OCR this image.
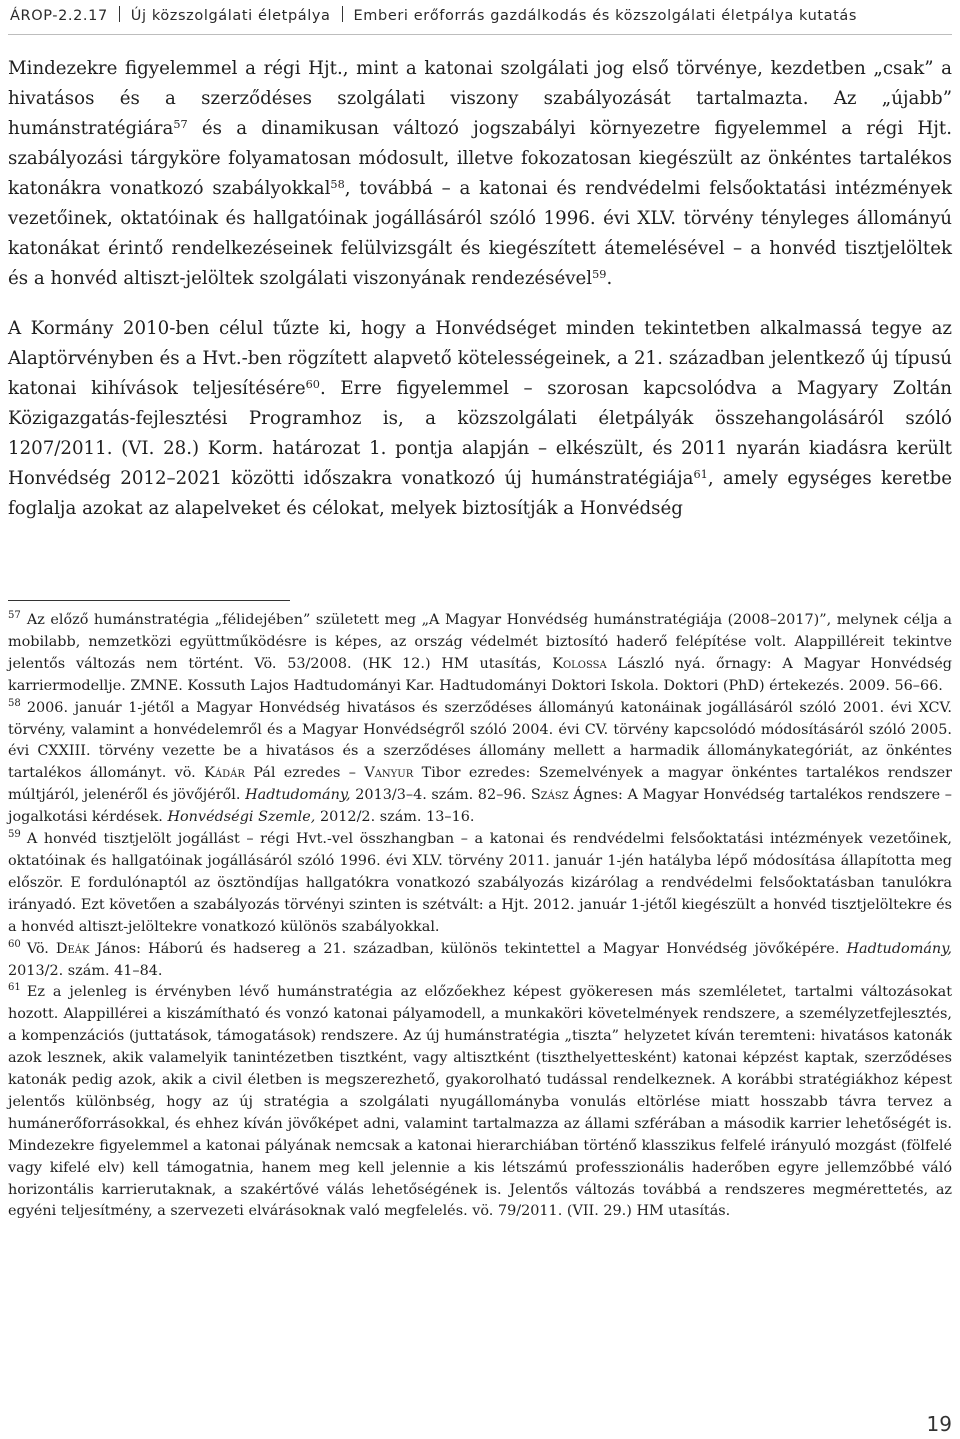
ÁROP-2.2.17 Új közszolgálati életpálya Emberi erőforrás gazdálkodás és közszolgálati életpálya kutatás

Mindezekre figyelemmel a régi Hjt., mint a katonai szolgálati jog első törvénye, kezdetben „csak” a hivatásos és a szerződéses szolgálati viszony szabályozását tartalmazta. Az „újabb” humánstratégiára$^{57}$ és a dinamikusan változó jogszabályi környezetre figyelemmel a régi Hjt. szabályozási tárgyköre folyamatosan módosult, illetve fokozatosan kiegészült az önkéntes tartalékos katonákra vonatkozó szabályokkal$^{58}$, továbbá – a katonai és rendvédelmi felsőoktatási intézmények vezetőinek, oktatóinak és hallgatóinak jogállásáról szóló 1996. évi XLV. törvény tényleges állományú katonákat érintő rendelkezéseinek felülvizsgált és kiegészített átemelésével – a honvéd tisztjelöltek és a honvéd altiszt-jelöltek szolgálati viszonyának rendezésével$^{59}$.

A Kormány 2010-ben célul tűzte ki, hogy a Honvédséget minden tekintetben alkalmassá tegye az Alaptörvényben és a Hvt.-ben rögzített alapvető kötelességeinek, a 21. században jelentkező új típusú katonai kihívások teljesítésére$^{60}$. Erre figyelemmel – szorosan kapcsolódva a Magyary Zoltán Közigazgatás-fejlesztési Programhoz is, a közszolgálati életpályák összehangolásáról szóló 1207/2011. (VI. 28.) Korm. határozat 1. pontja alapján – elkészült, és 2011 nyarán kiadásra került Honvédség 2012–2021 közötti időszakra vonatkozó új humánstratégiája$^{61}$, amely egységes keretbe foglalja azokat az alapelveket és célokat, melyek biztosítják a Honvédség

$^{57}$ Az előző humánstratégia „félidejében” született meg „A Magyar Honvédség humánstratégiája (2008–2017)”, melynek célja a mobilabb, nemzetközi együttműködésre is képes, az ország védelmét biztosító haderő felépítése volt. Alappilléreit tekintve jelentős változás nem történt. Vö. 53/2008. (HK 12.) HM utasítás, Kolossa László nyá. őrnagy: A Magyar Honvédség karriermodellje. ZMNE. Kossuth Lajos Hadtudományi Kar. Hadtudományi Doktori Iskola. Doktori (PhD) értekezés. 2009. 56–66.

$^{58}$ 2006. január 1-jétől a Magyar Honvédség hivatásos és szerződéses állományú katonáinak jogállásáról szóló 2001. évi XCV. törvény, valamint a honvédelemről és a Magyar Honvédségről szóló 2004. évi CV. törvény kapcsolódó módosításáról szóló 2005. évi CXXIII. törvény vezette be a hivatásos és a szerződéses állomány mellett a harmadik állománykategóriát, az önkéntes tartalékos állományt. vö. Kádár Pál ezredes – Vanyur Tibor ezredes: Szemelvények a magyar önkéntes tartalékos rendszer múltjáról, jelenéről és jövőjéről. Hadtudomány, 2013/3–4. szám. 82–96. Szász Ágnes: A Magyar Honvédség tartalékos rendszere – jogalkotási kérdések. Honvédségi Szemle, 2012/2. szám. 13–16.

$^{59}$ A honvéd tisztjelölt jogállást – régi Hvt.-vel összhangban – a katonai és rendvédelmi felsőoktatási intézmények vezetőinek, oktatóinak és hallgatóinak jogállásáról szóló 1996. évi XLV. törvény 2011. január 1-jén hatályba lépő módosítása állapította meg először. E fordulónaptól az ösztöndíjas hallgatókra vonatkozó szabályozás kizárólag a rendvédelmi felsőoktatásban tanulókra irányadó. Ezt követően a szabályozás törvényi szinten is szétvált: a Hjt. 2012. január 1-jétől kiegészült a honvéd tisztjelöltekre és a honvéd altiszt-jelöltekre vonatkozó különös szabályokkal.

$^{60}$ Vö. Deák János: Háború és hadsereg a 21. században, különös tekintettel a Magyar Honvédség jövőképére. Hadtudomány, 2013/2. szám. 41–84.

$^{61}$ Ez a jelenleg is érvényben lévő humánstratégia az előzőekhez képest gyökeresen más szemléletet, tartalmi változásokat hozott. Alappillérei a kiszámítható és vonzó katonai pályamodell, a munkaköri követelmények rendszere, a személyzetfejlesztés, a kompenzációs (juttatások, támogatások) rendszere. Az új humánstratégia „tiszta” helyzetet kíván teremteni: hivatásos katonák azok lesznek, akik valamelyik tanintézetben tisztként, vagy altisztként (tiszthelyettesként) katonai képzést kaptak, szerződéses katonák pedig azok, akik a civil életben is megszerezhető, gyakorolható tudással rendelkeznek. A korábbi stratégiákhoz képest jelentős különbség, hogy az új stratégia a szolgálati nyugállományba vonulás eltörlése miatt hosszabb távra tervez a humánerőforrásokkal, és ehhez kíván jövőképet adni, valamint tartalmazza az állami szférában a második karrier lehetőségét is. Mindezekre figyelemmel a katonai pályának nemcsak a katonai hierarchiában történő klasszikus felfelé irányuló mozgást (fölfelé vagy kifelé elv) kell támogatnia, hanem meg kell jelennie a kis létszámú professzionális haderőben egyre jellemzőbbé váló horizontális karrierutaknak, a szakértővé válás lehetőségének is. Jelentős változás továbbá a rendszeres megmérettetés, az egyéni teljesítmény, a szervezeti elvárásoknak való megfelelés. vö. 79/2011. (VII. 29.) HM utasítás.

19
